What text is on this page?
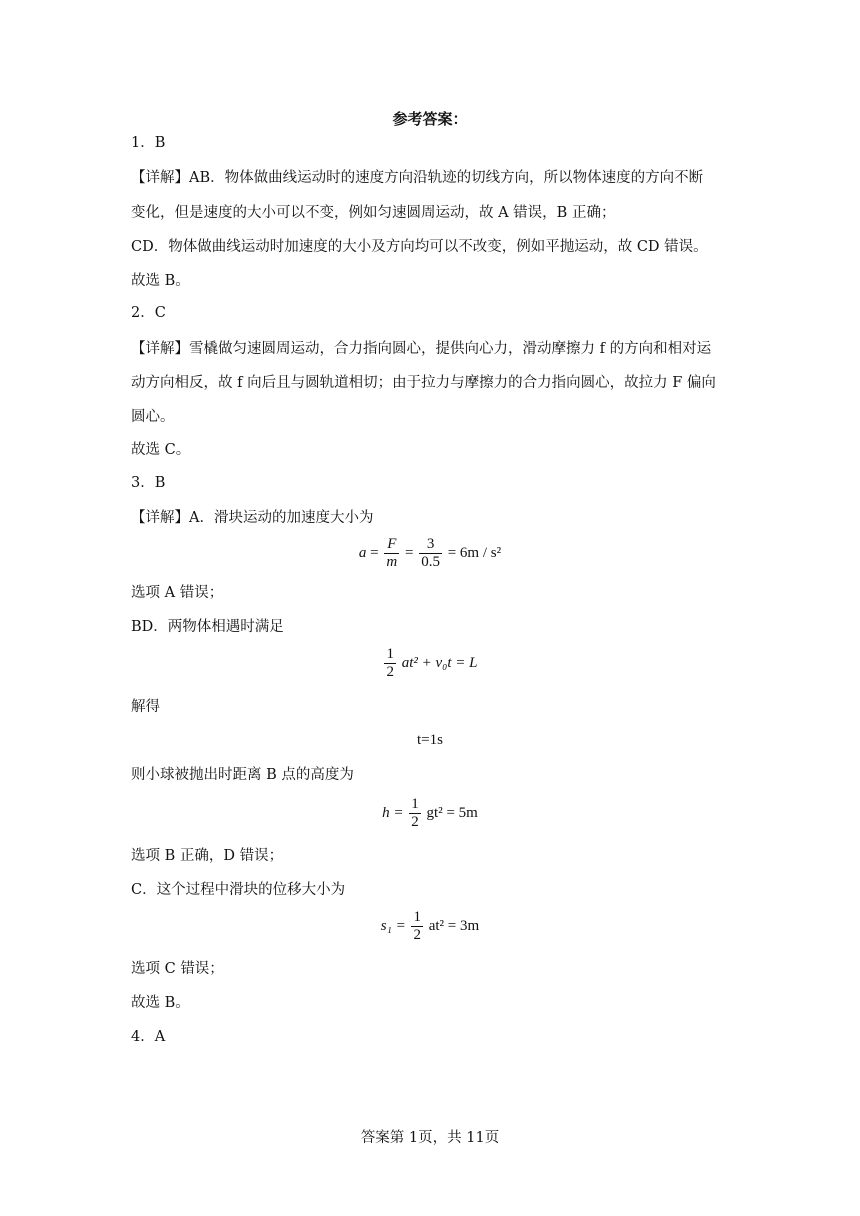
参考答案：
1．B
【详解】AB．物体做曲线运动时的速度方向沿轨迹的切线方向，所以物体速度的方向不断
变化，但是速度的大小可以不变，例如匀速圆周运动，故 A 错误，B 正确；
CD．物体做曲线运动时加速度的大小及方向均可以不改变，例如平抛运动，故 CD 错误。
故选 B。
2．C
【详解】雪橇做匀速圆周运动，合力指向圆心，提供向心力，滑动摩擦力 f 的方向和相对运
动方向相反，故 f 向后且与圆轨道相切；由于拉力与摩擦力的合力指向圆心，故拉力 F 偏向
圆心。
故选 C。
3．B
【详解】A．滑块运动的加速度大小为
$a = \frac{F}{m} = \frac{3}{0.5} = 6m / s^2$
选项 A 错误；
BD．两物体相遇时满足
$\frac{1}{2} at^2 + v_0t = L$
解得
t=1s
则小球被抛出时距离 B 点的高度为
$h = \frac{1}{2} gt^2 = 5m$
选项 B 正确，D 错误；
C．这个过程中滑块的位移大小为
$s_1 = \frac{1}{2} at^2 = 3m$
选项 C 错误；
故选 B。
4．A
答案第 1页，共 11页
